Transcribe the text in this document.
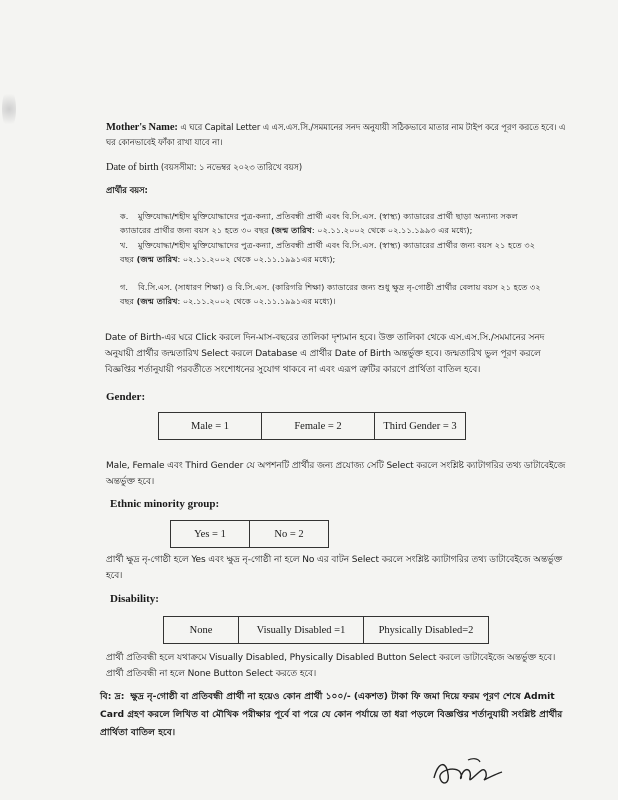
Mother's Name: এ ঘরে Capital Letter এ এস.এস.সি./সমমানের সনদ অনুযায়ী সঠিকভাবে মাতার নাম টাইপ করে পূরণ করতে হবে। এ ঘর কোনভাবেই ফাঁকা রাখা যাবে না।
Date of birth (বয়সসীমা: ১ নভেম্বর ২০২৩ তারিখে বয়স)
প্রার্থীর বয়স:
ক. মুক্তিযোদ্ধা/শহীদ মুক্তিযোদ্ধাদের পুত্র-কন্যা, প্রতিবন্ধী প্রার্থী এবং বি.সি.এস. (স্বাস্থ্য) ক্যাডারের প্রার্থী ছাড়া অন্যান্য সকল ক্যাডারের প্রার্থীর জন্য বয়স ২১ হতে ৩০ বছর (জন্ম তারিখ: ০২.১১.২০০২ থেকে ০২.১১.১৯৯৩ এর মধ্যে);
খ. মুক্তিযোদ্ধা/শহীদ মুক্তিযোদ্ধাদের পুত্র-কন্যা, প্রতিবন্ধী প্রার্থী এবং বি.সি.এস. (স্বাস্থ্য) ক্যাডারের প্রার্থীর জন্য বয়স ২১ হতে ৩২ বছর (জন্ম তারিখ: ০২.১১.২০০২ থেকে ০২.১১.১৯৯১এর মধ্যে);
গ. বি.সি.এস. (সাধারণ শিক্ষা) ও বি.সি.এস. (কারিগরি শিক্ষা) ক্যাডারের জন্য শুধু ক্ষুদ্র নৃ-গোষ্ঠী প্রার্থীর বেলায় বয়স ২১ হতে ৩২ বছর (জন্ম তারিখ: ০২.১১.২০০২ থেকে ০২.১১.১৯৯১এর মধ্যে)।
Date of Birth-এর ঘরে Click করলে দিন-মাস-বছরের তালিকা দৃশ্যমান হবে। উক্ত তালিকা থেকে এস.এস.সি./সমমানের সনদ অনুযায়ী প্রার্থীর জন্মতারিখ Select করলে Database এ প্রার্থীর Date of Birth অন্তর্ভুক্ত হবে। জন্মতারিখ ভুল পূরণ করলে বিজ্ঞপ্তির শর্তানুযায়ী পরবর্তীতে সংশোধনের সুযোগ থাকবে না এবং এরূপ ত্রুটির কারণে প্রার্থিতা বাতিল হবে।
Gender:
Male = 1	Female = 2	Third Gender = 3
Male, Female এবং Third Gender যে অপশনটি প্রার্থীর জন্য প্রযোজ্য সেটি Select করলে সংশ্লিষ্ট ক্যাটাগরির তথ্য ডাটাবেইজে অন্তর্ভুক্ত হবে।
Ethnic minority group:
Yes = 1	No = 2
প্রার্থী ক্ষুদ্র নৃ-গোষ্ঠী হলে Yes এবং ক্ষুদ্র নৃ-গোষ্ঠী না হলে No এর বাটন Select করলে সংশ্লিষ্ট ক্যাটাগরির তথ্য ডাটাবেইজে অন্তর্ভুক্ত হবে।
Disability:
None	Visually Disabled =1	Physically Disabled=2
প্রার্থী প্রতিবন্ধী হলে যথাক্রমে Visually Disabled, Physically Disabled Button Select করলে ডাটাবেইজে অন্তর্ভুক্ত হবে। প্রার্থী প্রতিবন্ধী না হলে None Button Select করতে হবে।
বি: দ্র: ক্ষুদ্র নৃ-গোষ্ঠী বা প্রতিবন্ধী প্রার্থী না হয়েও কোন প্রার্থী ১০০/- (একশত) টাকা ফি জমা দিয়ে ফরম পূরণ শেষে Admit Card গ্রহণ করলে লিখিত বা মৌখিক পরীক্ষার পূর্বে বা পরে যে কোন পর্যায়ে তা ধরা পড়লে বিজ্ঞপ্তির শর্তানুযায়ী সংশ্লিষ্ট প্রার্থীর প্রার্থিতা বাতিল হবে।
